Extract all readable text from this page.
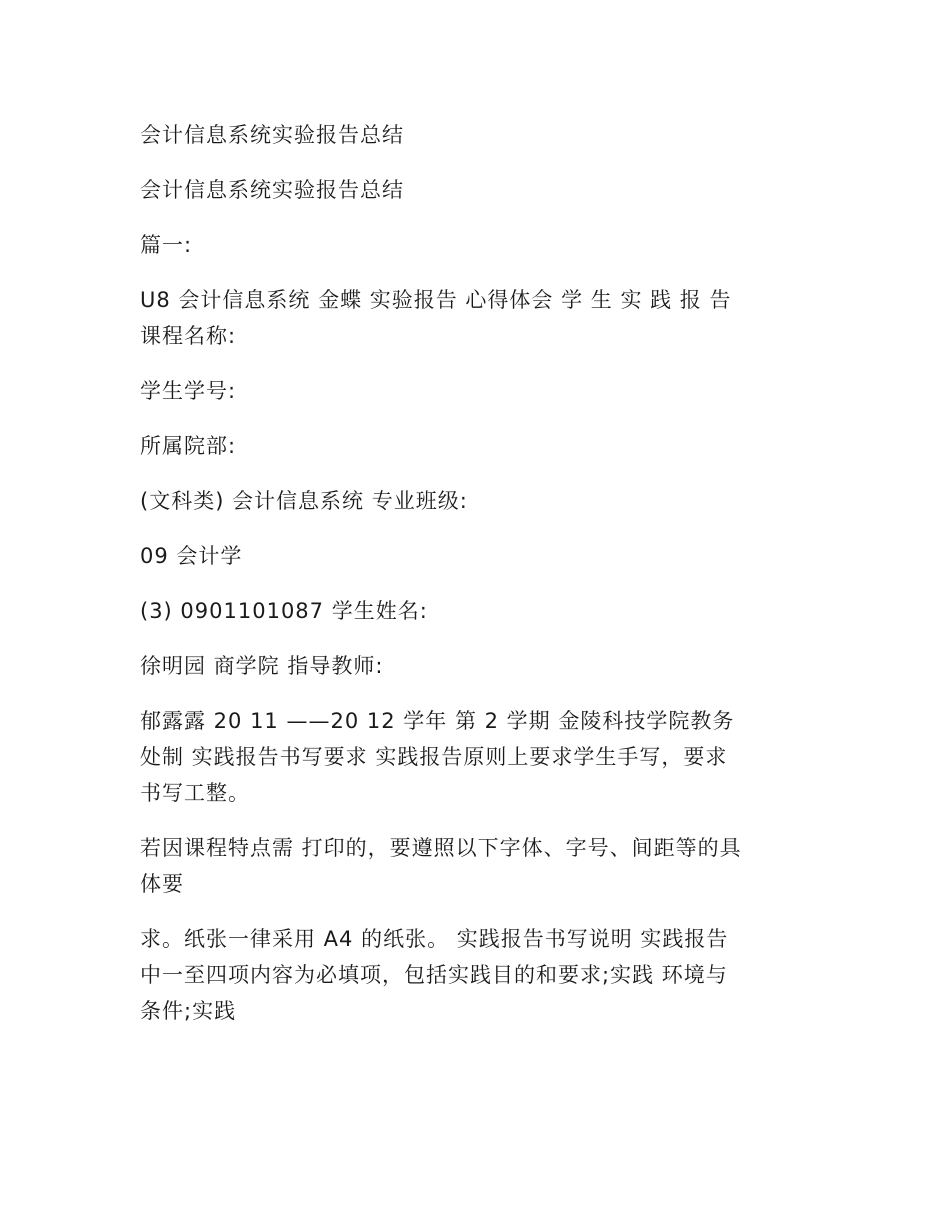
会计信息系统实验报告总结

会计信息系统实验报告总结

篇一:

U8 会计信息系统 金蝶 实验报告 心得体会 学 生 实 践 报 告
课程名称:

学生学号:

所属院部:

(文科类) 会计信息系统 专业班级:

09 会计学

(3) 0901101087 学生姓名:

徐明园 商学院 指导教师:

郁露露 20 11 ——20 12 学年 第 2 学期 金陵科技学院教务
处制 实践报告书写要求 实践报告原则上要求学生手写，要求
书写工整。

若因课程特点需 打印的，要遵照以下字体、字号、间距等的具
体要

求。纸张一律采用 A4 的纸张。 实践报告书写说明 实践报告
中一至四项内容为必填项，包括实践目的和要求;实践 环境与
条件;实践
